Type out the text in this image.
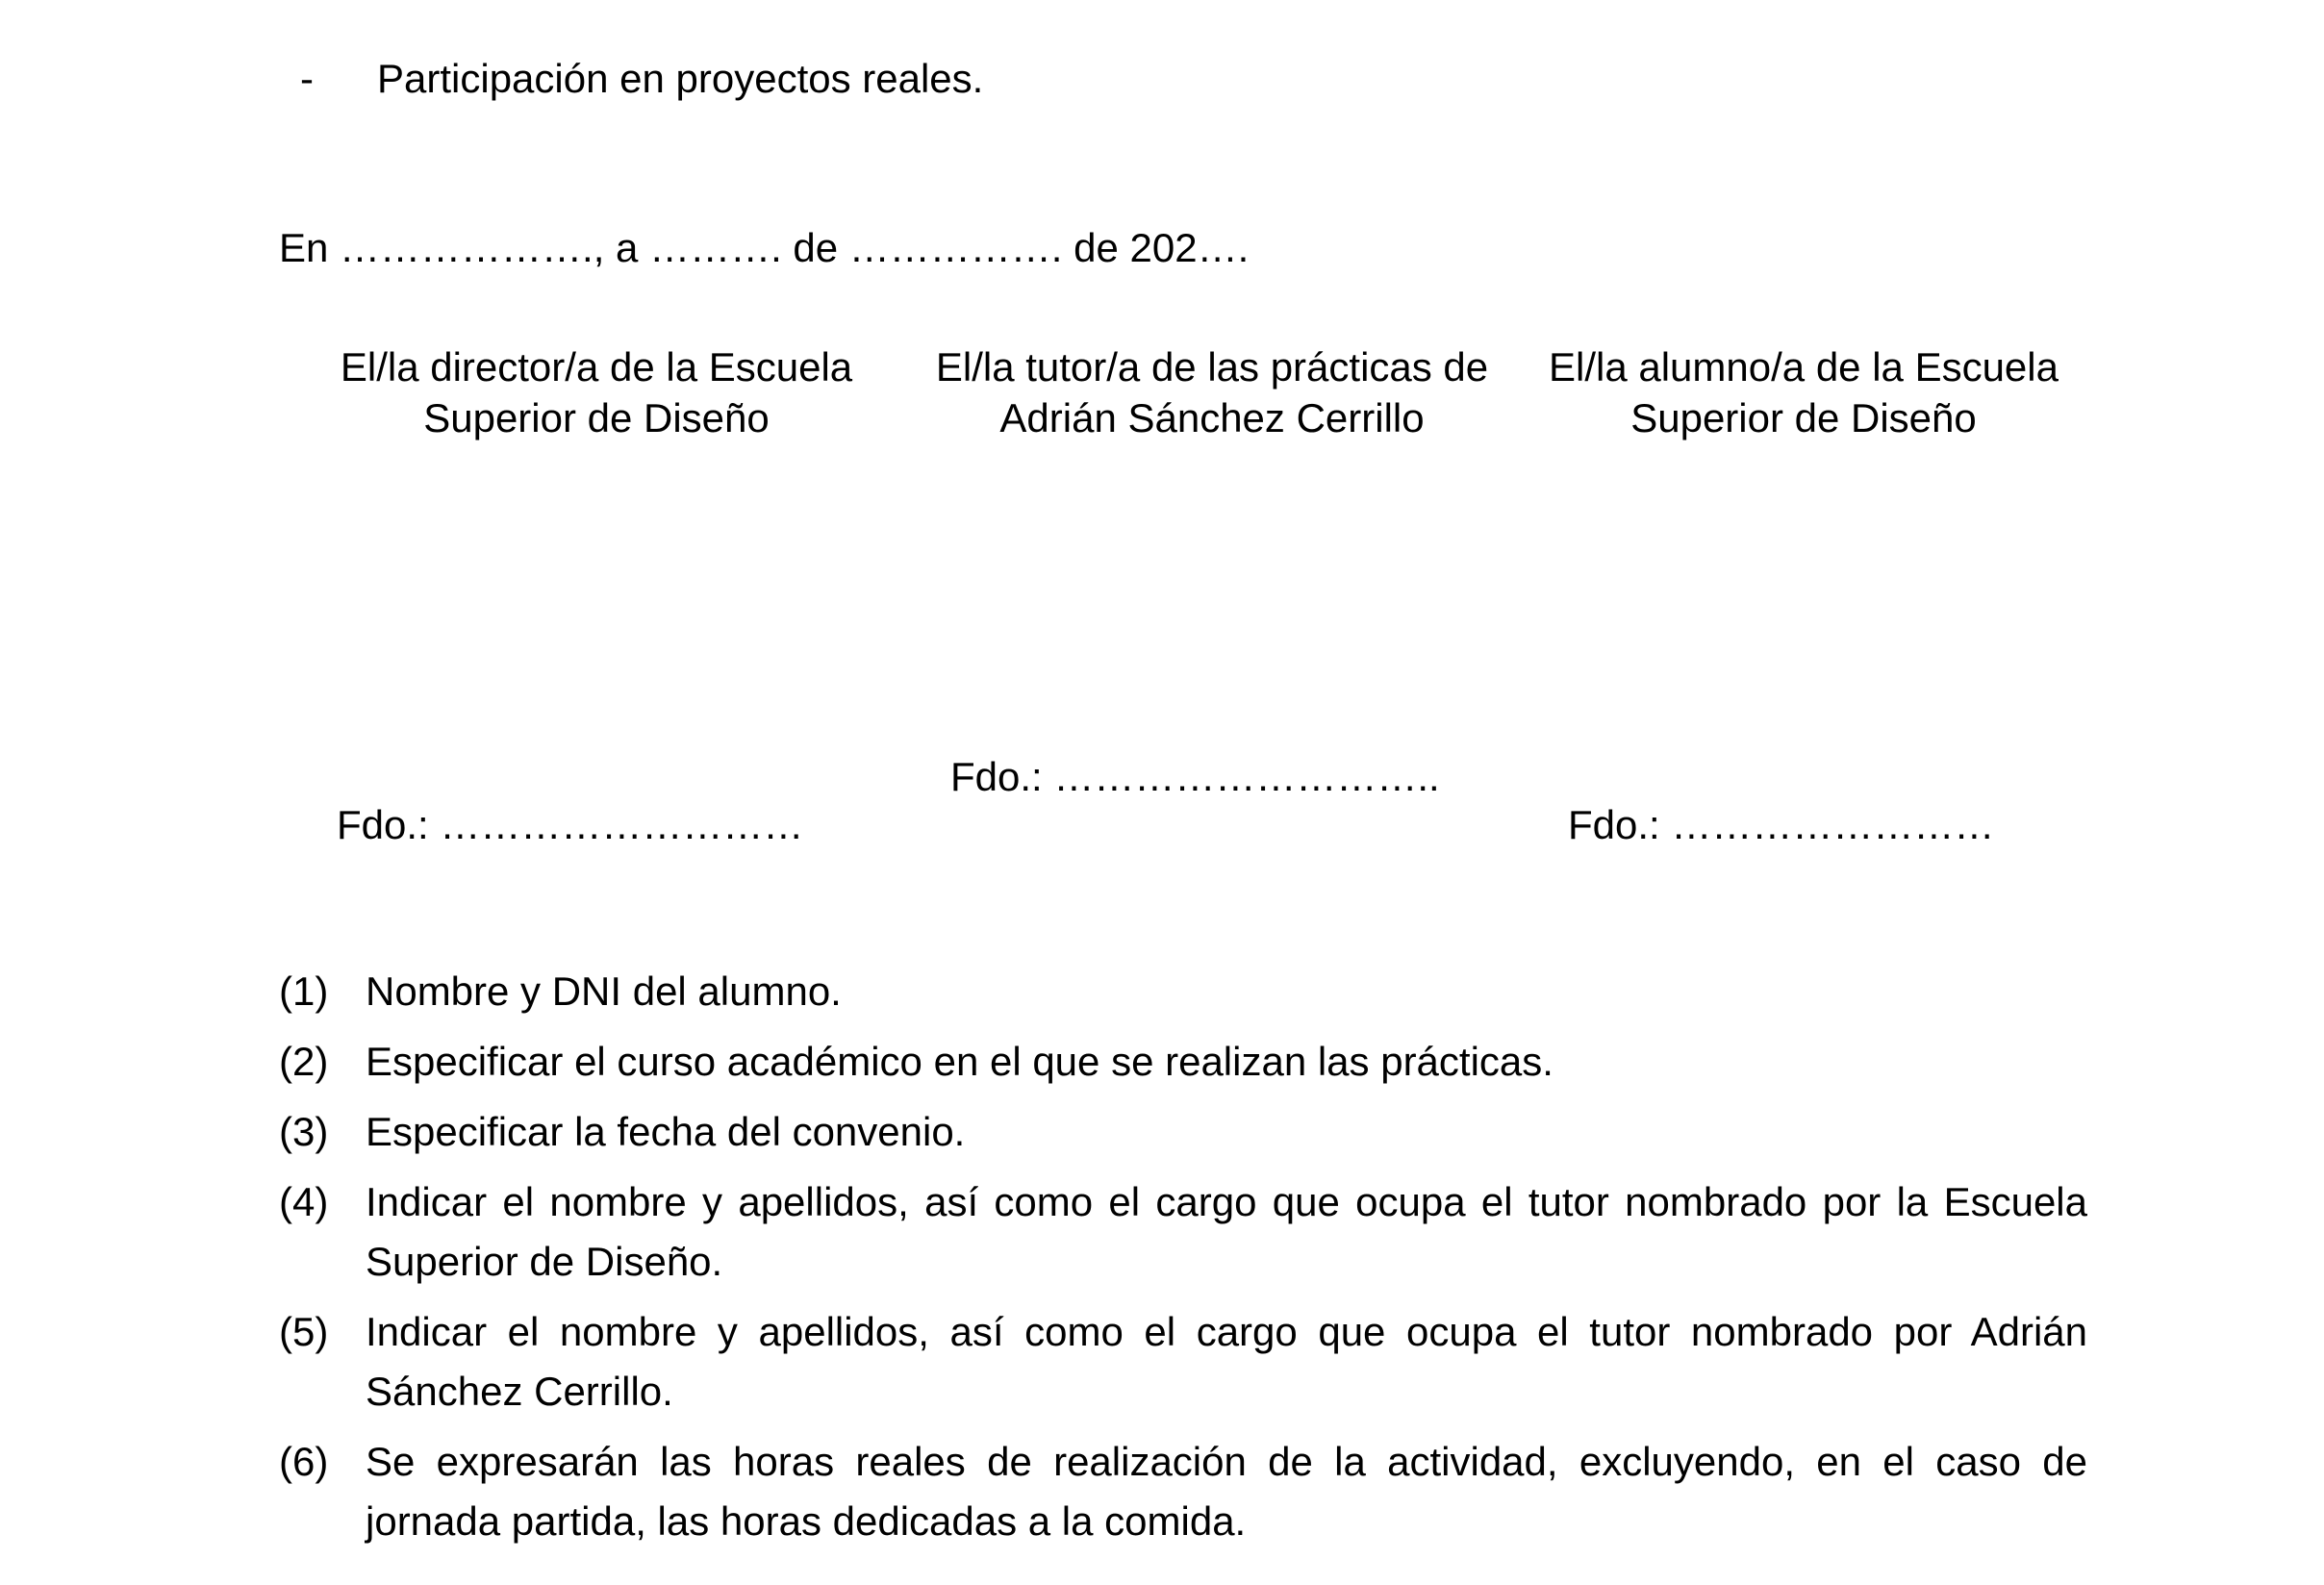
- Participación en proyectos reales.
En ………………., a ………. de ……………. de 202….
El/la director/a de la Escuela Superior de Diseño
El/la tutor/a de las prácticas de Adrián Sánchez Cerrillo
El/la alumno/a de la Escuela Superior de Diseño
Fdo.: ………………………
Fdo.: ………………………..
Fdo.: ……………………
(1) Nombre y DNI del alumno.
(2) Especificar el curso académico en el que se realizan las prácticas.
(3) Especificar la fecha del convenio.
(4) Indicar el nombre y apellidos, así como el cargo que ocupa el tutor nombrado por la Escuela Superior de Diseño.
(5) Indicar el nombre y apellidos, así como el cargo que ocupa el tutor nombrado por Adrián Sánchez Cerrillo.
(6) Se expresarán las horas reales de realización de la actividad, excluyendo, en el caso de jornada partida, las horas dedicadas a la comida.
